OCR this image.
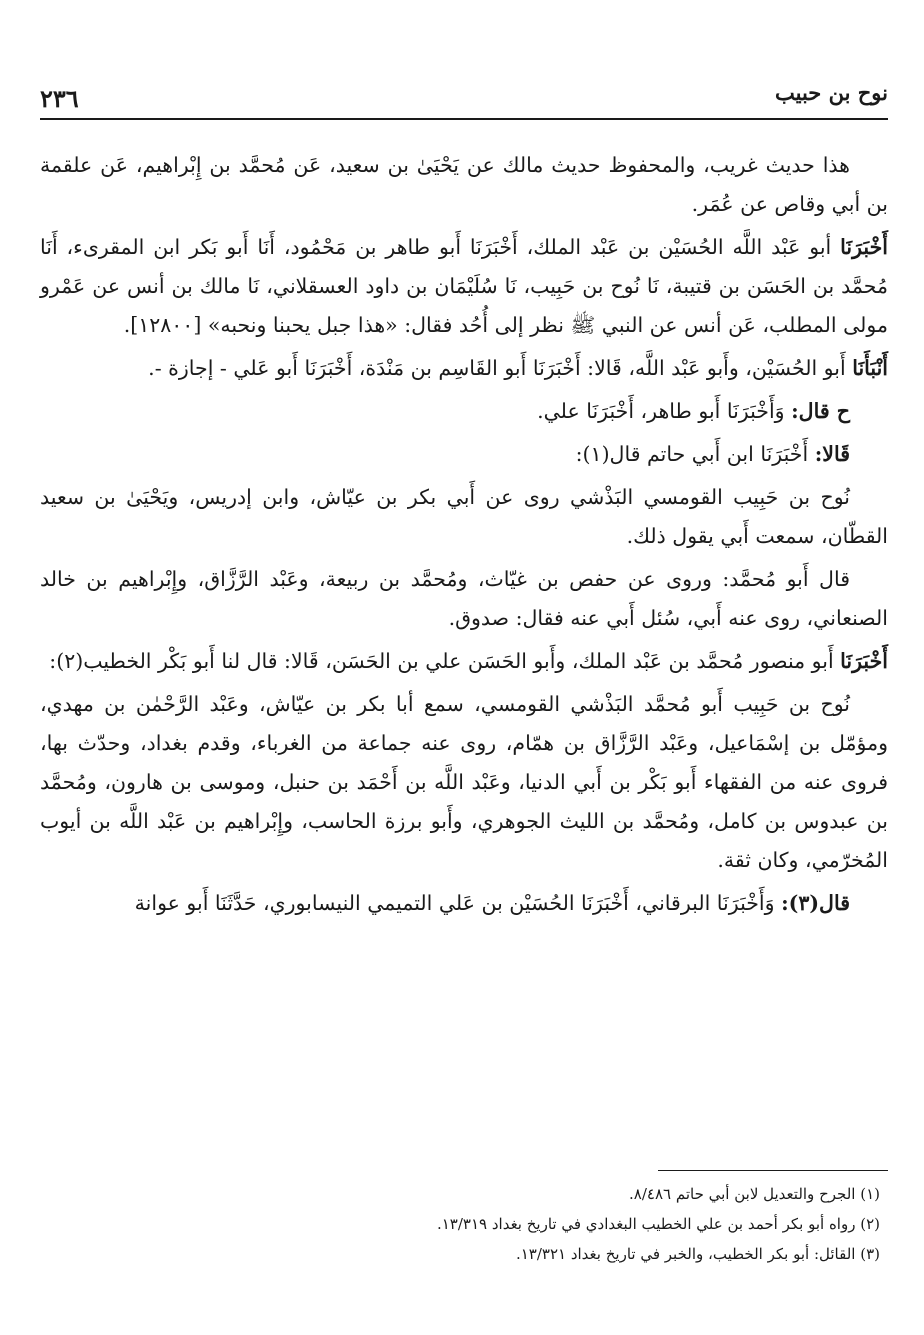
نوح بن حبيب
٢٣٦

هذا حديث غريب، والمحفوظ حديث مالك عن يَحْيَىٰ بن سعيد، عَن مُحمَّد بن إِبْراهيم، عَن علقمة بن أبي وقاص عن عُمَر.

أَخْبَرَنَا أبو عَبْد اللَّه الحُسَيْن بن عَبْد الملك، أَخْبَرَنَا أَبو طاهر بن مَحْمُود، أَنَا أَبو بَكر ابن المقرىء، أَنَا مُحمَّد بن الحَسَن بن قتيبة، نَا نُوح بن حَبِيب، نَا سُلَيْمَان بن داود العسقلاني، نَا مالك بن أنس عن عَمْرو مولى المطلب، عَن أنس عن النبي ﷺ نظر إلى أُحُد فقال: «هذا جبل يحبنا ونحبه» [١٢٨٠٠].

أَنْبَأَنَا أَبو الحُسَيْن، وأَبو عَبْد اللَّه، قَالا: أَخْبَرَنَا أَبو القَاسِم بن مَنْدَة، أَخْبَرَنَا أَبو عَلي - إجازة -.

ح قال: وَأَخْبَرَنَا أَبو طاهر، أَخْبَرَنَا علي.

قَالا: أَخْبَرَنَا ابن أَبي حاتم قال(١):

نُوح بن حَبِيب القومسي البَذْشي روى عن أَبي بكر بن عيّاش، وابن إدريس، ويَحْيَىٰ بن سعيد القطّان، سمعت أَبي يقول ذلك.

قال أَبو مُحمَّد: وروى عن حفص بن غيّاث، ومُحمَّد بن ربيعة، وعَبْد الرَّزَّاق، وإِبْراهيم بن خالد الصنعاني، روى عنه أَبي، سُئل أَبي عنه فقال: صدوق.

أَخْبَرَنَا أَبو منصور مُحمَّد بن عَبْد الملك، وأَبو الحَسَن علي بن الحَسَن، قَالا: قال لنا أَبو بَكْر الخطيب(٢):

نُوح بن حَبِيب أَبو مُحمَّد البَذْشي القومسي، سمع أبا بكر بن عيّاش، وعَبْد الرَّحْمٰن بن مهدي، ومؤمّل بن إسْمَاعيل، وعَبْد الرَّزَّاق بن همّام، روى عنه جماعة من الغرباء، وقدم بغداد، وحدّث بها، فروى عنه من الفقهاء أَبو بَكْر بن أَبي الدنيا، وعَبْد اللَّه بن أَحْمَد بن حنبل، وموسى بن هارون، ومُحمَّد بن عبدوس بن كامل، ومُحمَّد بن الليث الجوهري، وأَبو برزة الحاسب، وإِبْراهيم بن عَبْد اللَّه بن أيوب المُخرّمي، وكان ثقة.

قال(٣): وَأَخْبَرَنَا البرقاني، أَخْبَرَنَا الحُسَيْن بن عَلي التميمي النيسابوري، حَدَّثَنَا أَبو عوانة

(١) الجرح والتعديل لابن أبي حاتم ٨/٤٨٦.
(٢) رواه أبو بكر أحمد بن علي الخطيب البغدادي في تاريخ بغداد ١٣/٣١٩.
(٣) القائل: أبو بكر الخطيب، والخبر في تاريخ بغداد ١٣/٣٢١.
